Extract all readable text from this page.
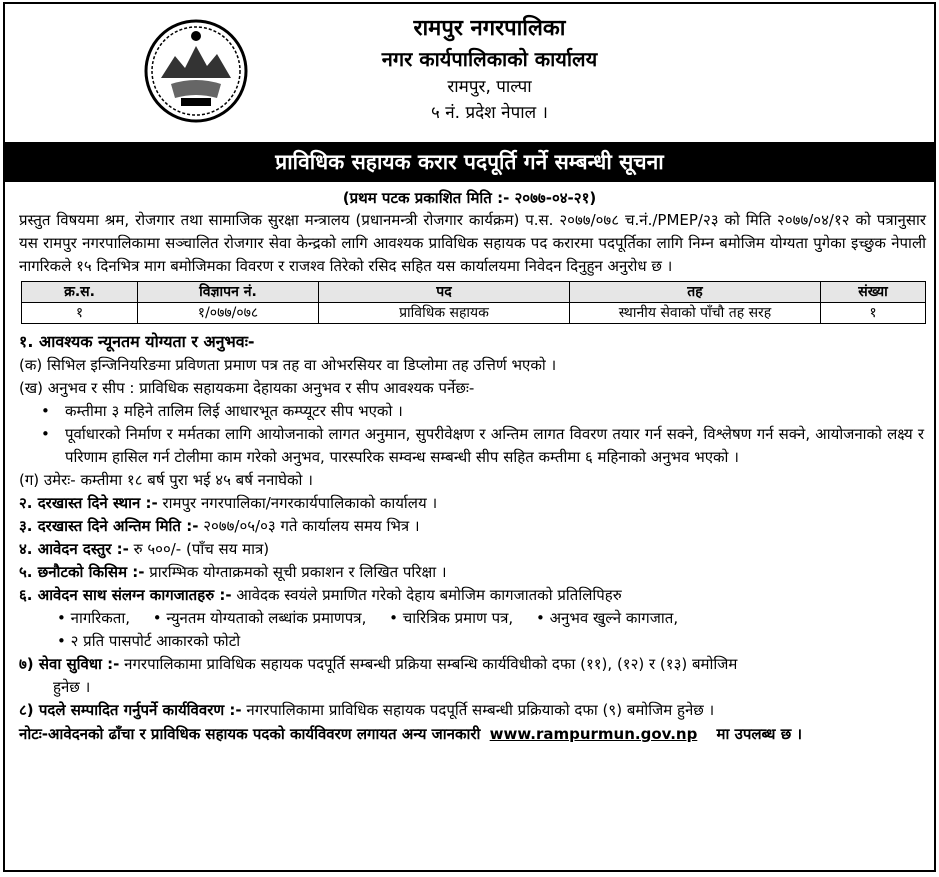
रामपुर नगरपालिका
नगर कार्यपालिकाको कार्यालय
रामपुर, पाल्पा
५ नं. प्रदेश नेपाल ।
प्राविधिक सहायक करार पदपूर्ति गर्ने सम्बन्धी सूचना
(प्रथम पटक प्रकाशित मिति :- २०७७-०४-२१)
प्रस्तुत विषयमा श्रम, रोजगार तथा सामाजिक सुरक्षा मन्त्रालय (प्रधानमन्त्री रोजगार कार्यक्रम) प.स. २०७७/०७८ च.नं./PMEP/२३ को मिति २०७७/०४/१२ को पत्रानुसार यस रामपुर नगरपालिकामा सञ्चालित रोजगार सेवा केन्द्रको लागि आवश्यक प्राविधिक सहायक पद करारमा पदपूर्तिका लागि निम्न बमोजिम योग्यता पुगेका इच्छुक नेपाली नागरिकले १५ दिनभित्र माग बमोजिमका विवरण र राजश्व तिरेको रसिद सहित यस कार्यालयमा निवेदन दिनुहुन अनुरोध छ ।
क्र.स.	विज्ञापन नं.	पद	तह	संख्या
१	१/०७७/०७८	प्राविधिक सहायक	स्थानीय सेवाको पाँचौ तह सरह	१
१. आवश्यक न्यूनतम योग्यता र अनुभवः-
(क) सिभिल इन्जिनियरिङमा प्रविणता प्रमाण पत्र तह वा ओभरसियर वा डिप्लोमा तह उत्तिर्ण भएको ।
(ख) अनुभव र सीप : प्राविधिक सहायकमा देहायका अनुभव र सीप आवश्यक पर्नेछः-
• कम्तीमा ३ महिने तालिम लिई आधारभूत कम्प्यूटर सीप भएको ।
• पूर्वाधारको निर्माण र मर्मतका लागि आयोजनाको लागत अनुमान, सुपरीवेक्षण र अन्तिम लागत विवरण तयार गर्न सक्ने, विश्लेषण गर्न सक्ने, आयोजनाको लक्ष्य र परिणाम हासिल गर्न टोलीमा काम गरेको अनुभव, पारस्परिक सम्वन्ध सम्बन्धी सीप सहित कम्तीमा ६ महिनाको अनुभव भएको ।
(ग) उमेरः- कम्तीमा १८ बर्ष पुरा भई ४५ बर्ष ननाघेको ।
२. दरखास्त दिने स्थान :- रामपुर नगरपालिका/नगरकार्यपालिकाको कार्यालय ।
३. दरखास्त दिने अन्तिम मिति :- २०७७/०५/०३ गते कार्यालय समय भित्र ।
४. आवेदन दस्तुर :- रु ५००/- (पाँच सय मात्र)
५. छनौटको किसिम :- प्रारम्भिक योग्ताक्रमको सूची प्रकाशन र लिखित परिक्षा ।
६. आवेदन साथ संलग्न कागजातहरु :- आवेदक स्वयंले प्रमाणित गरेको देहाय बमोजिम कागजातको प्रतिलिपिहरु
• नागरिकता, • न्युनतम योग्यताको लब्धांक प्रमाणपत्र, • चारित्रिक प्रमाण पत्र, • अनुभव खुल्ने कागजात,
• २ प्रति पासपोर्ट आकारको फोटो
७) सेवा सुविधा :- नगरपालिकामा प्राविधिक सहायक पदपूर्ति सम्बन्धी प्रक्रिया सम्बन्धि कार्यविधीको दफा (११), (१२) र (१३) बमोजिम
हुनेछ ।
८) पदले सम्पादित गर्नुपर्ने कार्यविवरण :- नगरपालिकामा प्राविधिक सहायक पदपूर्ति सम्बन्धी प्रक्रियाको दफा (९) बमोजिम हुनेछ ।
नोटः-आवेदनको ढाँचा र प्राविधिक सहायक पदको कार्यविवरण लगायत अन्य जानकारी www.rampurmun.gov.np मा उपलब्ध छ ।
